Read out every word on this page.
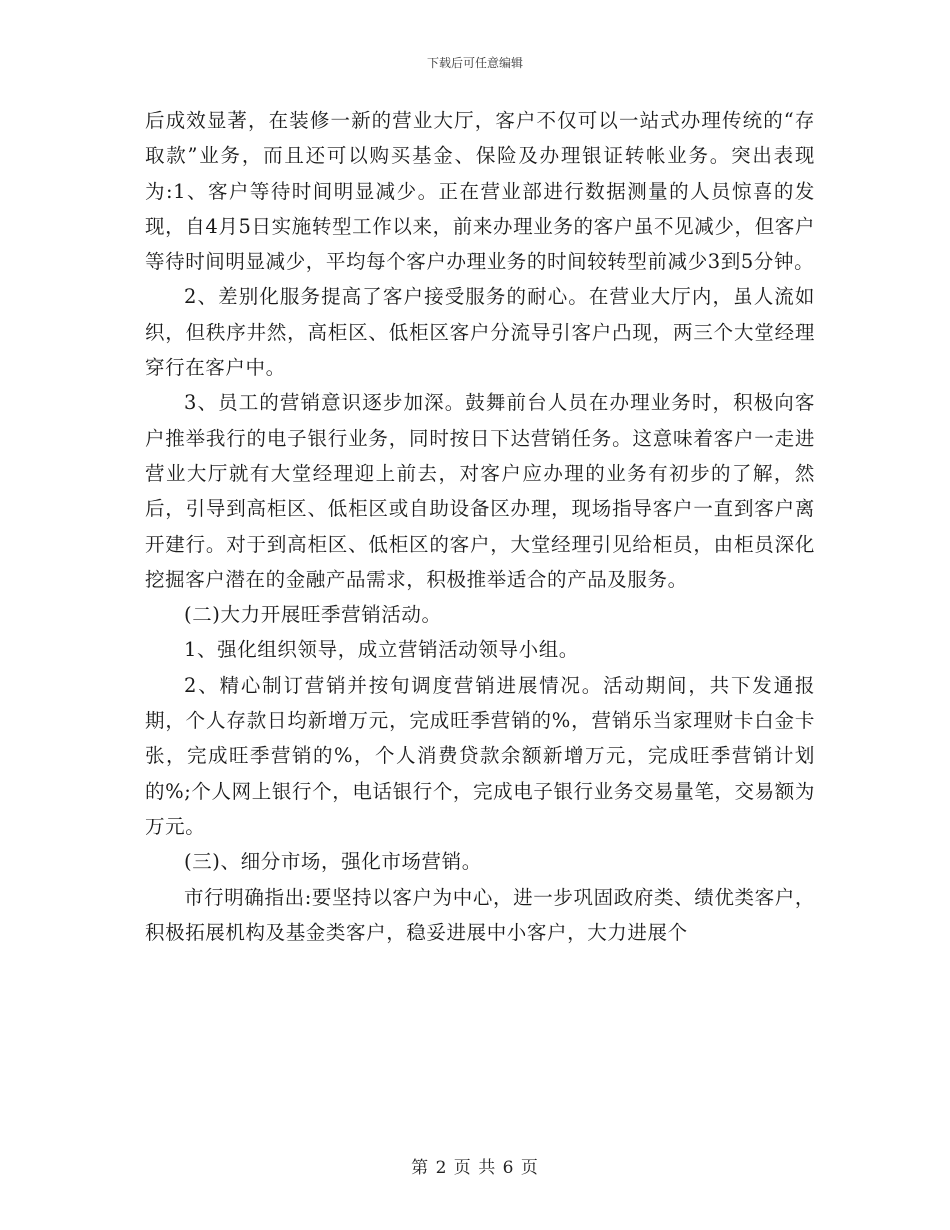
下载后可任意编辑

后成效显著，在装修一新的营业大厅，客户不仅可以一站式办理传统的“存取款”业务，而且还可以购买基金、保险及办理银证转帐业务。突出表现为:1、客户等待时间明显减少。正在营业部进行数据测量的人员惊喜的发现，自4月5日实施转型工作以来，前来办理业务的客户虽不见减少，但客户等待时间明显减少，平均每个客户办理业务的时间较转型前减少3到5分钟。

2、差别化服务提高了客户接受服务的耐心。在营业大厅内，虽人流如织，但秩序井然，高柜区、低柜区客户分流导引客户凸现，两三个大堂经理穿行在客户中。

3、员工的营销意识逐步加深。鼓舞前台人员在办理业务时，积极向客户推举我行的电子银行业务，同时按日下达营销任务。这意味着客户一走进营业大厅就有大堂经理迎上前去，对客户应办理的业务有初步的了解，然后，引导到高柜区、低柜区或自助设备区办理，现场指导客户一直到客户离开建行。对于到高柜区、低柜区的客户，大堂经理引见给柜员，由柜员深化挖掘客户潜在的金融产品需求，积极推举适合的产品及服务。

(二)大力开展旺季营销活动。

1、强化组织领导，成立营销活动领导小组。

2、精心制订营销并按旬调度营销进展情况。活动期间，共下发通报期，个人存款日均新增万元，完成旺季营销的%，营销乐当家理财卡白金卡张，完成旺季营销的%，个人消费贷款余额新增万元，完成旺季营销计划的%;个人网上银行个，电话银行个，完成电子银行业务交易量笔，交易额为万元。

(三)、细分市场，强化市场营销。

市行明确指出:要坚持以客户为中心，进一步巩固政府类、绩优类客户，积极拓展机构及基金类客户，稳妥进展中小客户，大力进展个

第 2 页 共 6 页
